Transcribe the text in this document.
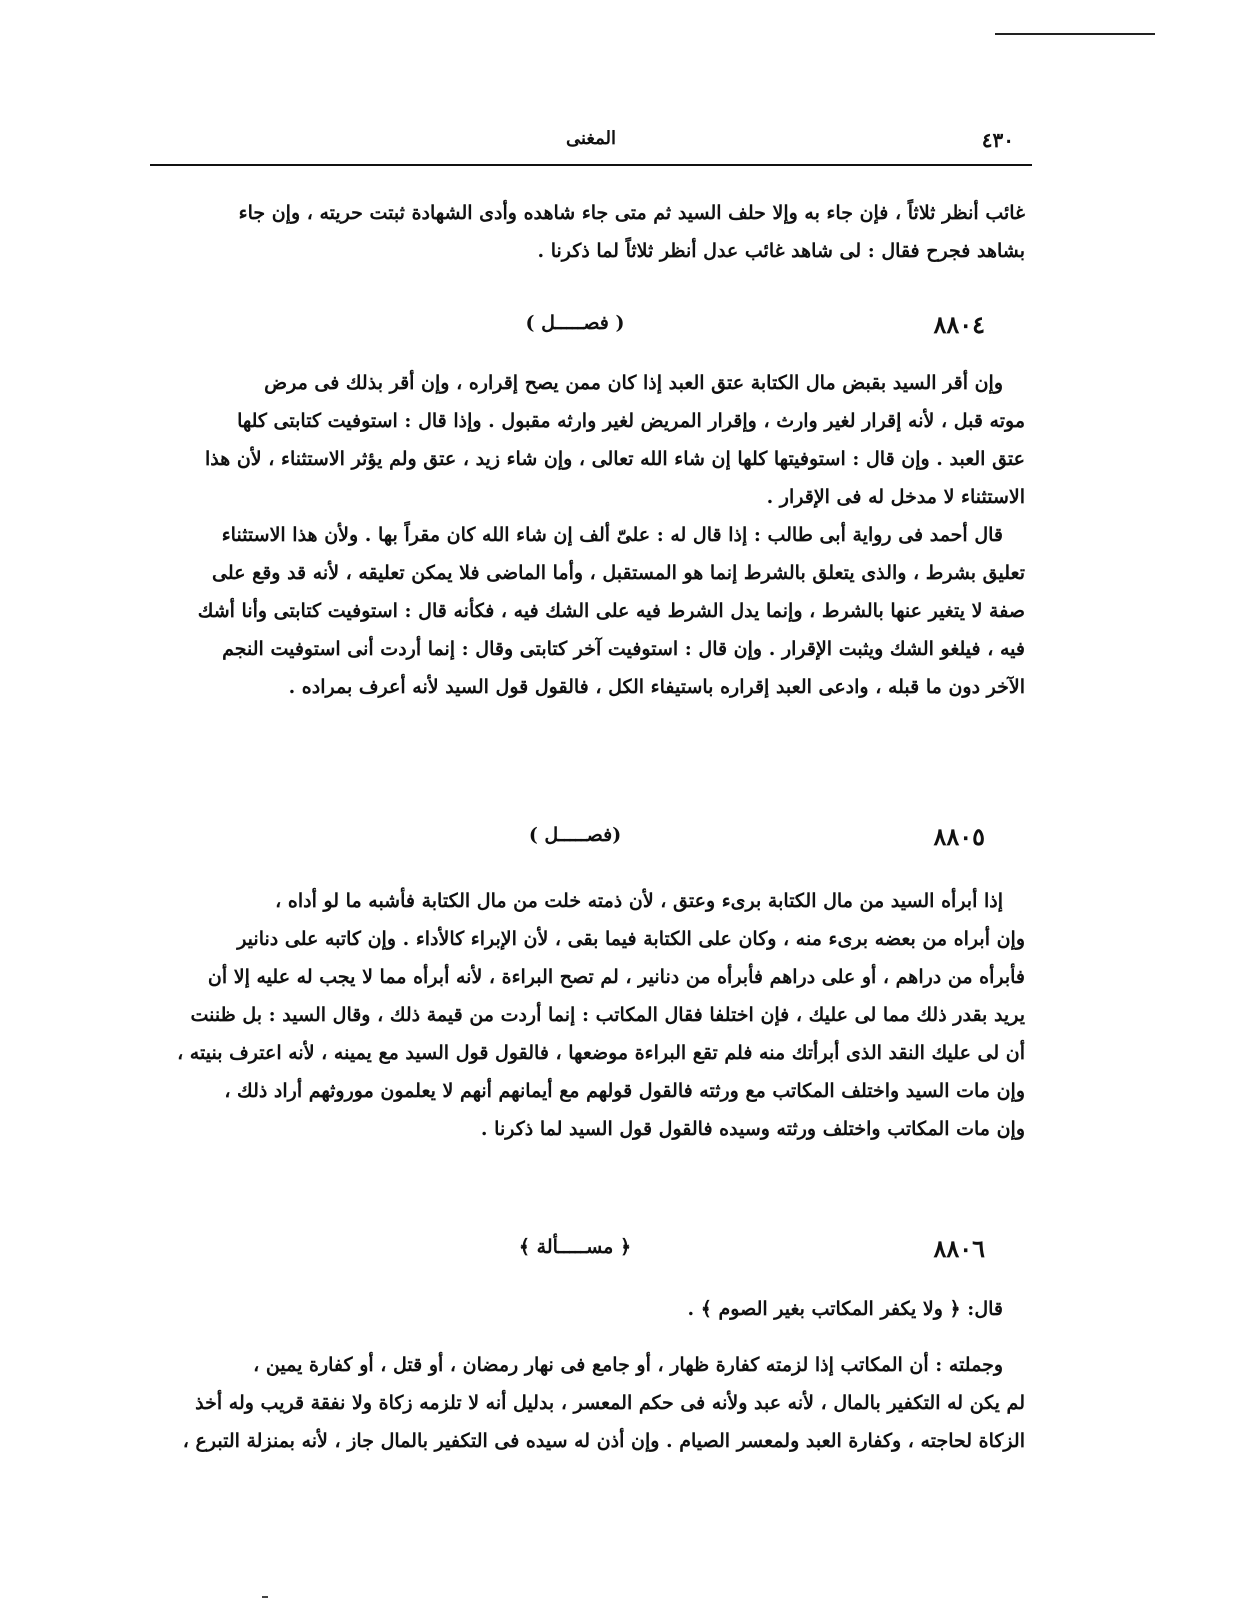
٤٣٠
المغنى

غائب أنظر ثلاثاً ، فإن جاء به وإلا حلف السيد ثم متى جاء شاهده وأدى الشهادة ثبتت حريته ، وإن جاء

بشاهد فجرح فقال : لى شاهد غائب عدل أنظر ثلاثاً لما ذكرنا .

٨٨٠٤
( فصـــــل )

وإن أقر السيد بقبض مال الكتابة عتق العبد إذا كان ممن يصح إقراره ، وإن أقر بذلك فى مرض

موته قبل ، لأنه إقرار لغير وارث ، وإقرار المريض لغير وارثه مقبول . وإذا قال : استوفيت كتابتى كلها

عتق العبد . وإن قال : استوفيتها كلها إن شاء الله تعالى ، وإن شاء زيد ، عتق ولم يؤثر الاستثناء ، لأن هذا

الاستثناء لا مدخل له فى الإقرار .

قال أحمد فى رواية أبى طالب : إذا قال له : علىّ ألف إن شاء الله كان مقراً بها . ولأن هذا الاستثناء

تعليق بشرط ، والذى يتعلق بالشرط إنما هو المستقبل ، وأما الماضى فلا يمكن تعليقه ، لأنه قد وقع على

صفة لا يتغير عنها بالشرط ، وإنما يدل الشرط فيه على الشك فيه ، فكأنه قال : استوفيت كتابتى وأنا أشك

فيه ، فيلغو الشك ويثبت الإقرار . وإن قال : استوفيت آخر كتابتى وقال : إنما أردت أنى استوفيت النجم

الآخر دون ما قبله ، وادعى العبد إقراره باستيفاء الكل ، فالقول قول السيد لأنه أعرف بمراده .

٨٨٠٥
(فصـــــل )

إذا أبرأه السيد من مال الكتابة برىء وعتق ، لأن ذمته خلت من مال الكتابة فأشبه ما لو أداه ،

وإن أبراه من بعضه برىء منه ، وكان على الكتابة فيما بقى ، لأن الإبراء كالأداء . وإن كاتبه على دنانير

فأبرأه من دراهم ، أو على دراهم فأبرأه من دنانير ، لم تصح البراءة ، لأنه أبرأه مما لا يجب له عليه إلا أن

يريد بقدر ذلك مما لى عليك ، فإن اختلفا فقال المكاتب : إنما أردت من قيمة ذلك ، وقال السيد : بل ظننت

أن لى عليك النقد الذى أبرأتك منه فلم تقع البراءة موضعها ، فالقول قول السيد مع يمينه ، لأنه اعترف بنيته ،

وإن مات السيد واختلف المكاتب مع ورثته فالقول قولهم مع أيمانهم أنهم لا يعلمون موروثهم أراد ذلك ،

وإن مات المكاتب واختلف ورثته وسيده فالقول قول السيد لما ذكرنا .

٨٨٠٦
﴿ مســـــألة ﴾

قال: ﴿ ولا يكفر المكاتب بغير الصوم ﴾ .

وجملته : أن المكاتب إذا لزمته كفارة ظهار ، أو جامع فى نهار رمضان ، أو قتل ، أو كفارة يمين ،

لم يكن له التكفير بالمال ، لأنه عبد ولأنه فى حكم المعسر ، بدليل أنه لا تلزمه زكاة ولا نفقة قريب وله أخذ

الزكاة لحاجته ، وكفارة العبد ولمعسر الصيام . وإن أذن له سيده فى التكفير بالمال جاز ، لأنه بمنزلة التبرع ،
